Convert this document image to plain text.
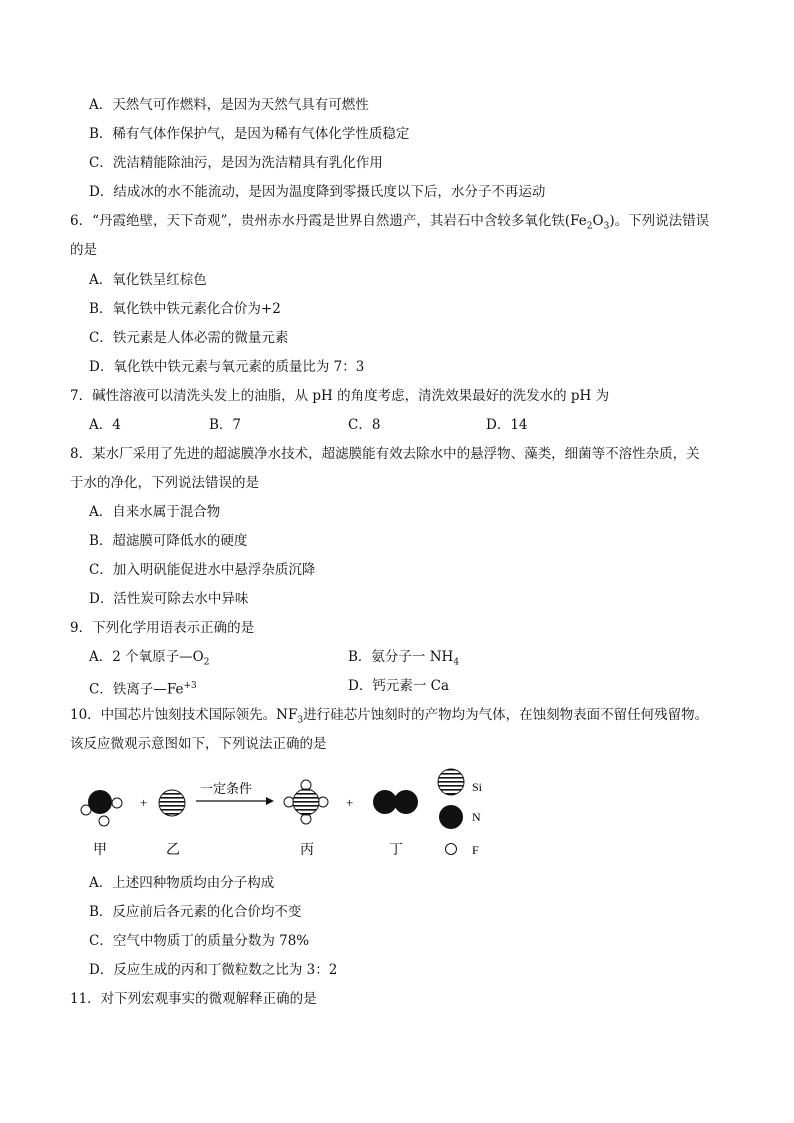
A．天然气可作燃料，是因为天然气具有可燃性
B．稀有气体作保护气，是因为稀有气体化学性质稳定
C．洗洁精能除油污，是因为洗洁精具有乳化作用
D．结成冰的水不能流动，是因为温度降到零摄氏度以下后，水分子不再运动
6．“丹霞绝壁，天下奇观”，贵州赤水丹霞是世界自然遗产，其岩石中含较多氧化铁$(Fe_2O_3)$。下列说法错误
的是
A．氧化铁呈红棕色
B．氧化铁中铁元素化合价为+2
C．铁元素是人体必需的微量元素
D．氧化铁中铁元素与氧元素的质量比为 7：3
7．碱性溶液可以清洗头发上的油脂，从 pH 的角度考虑，清洗效果最好的洗发水的 pH 为
A．4	B．7	C．8	D．14
8．某水厂采用了先进的超滤膜净水技术，超滤膜能有效去除水中的悬浮物、藻类，细菌等不溶性杂质，关
于水的净化，下列说法错误的是
A．自来水属于混合物
B．超滤膜可降低水的硬度
C．加入明矾能促进水中悬浮杂质沉降
D．活性炭可除去水中异味
9．下列化学用语表示正确的是
A．2 个氧原子$—O_2$	B．氨分子一 $NH_4$
C．铁离子$—Fe^{+3}$	D．钙元素一 Ca
10．中国芯片蚀刻技术国际领先。$NF_3$进行硅芯片蚀刻时的产物均为气体，在蚀刻物表面不留任何残留物。
该反应微观示意图如下，下列说法正确的是
+
一定条件
+
Si
N
F
甲	乙	丙	丁
A．上述四种物质均由分子构成
B．反应前后各元素的化合价均不变
C．空气中物质丁的质量分数为 78%
D．反应生成的丙和丁微粒数之比为 3：2
11．对下列宏观事实的微观解释正确的是
